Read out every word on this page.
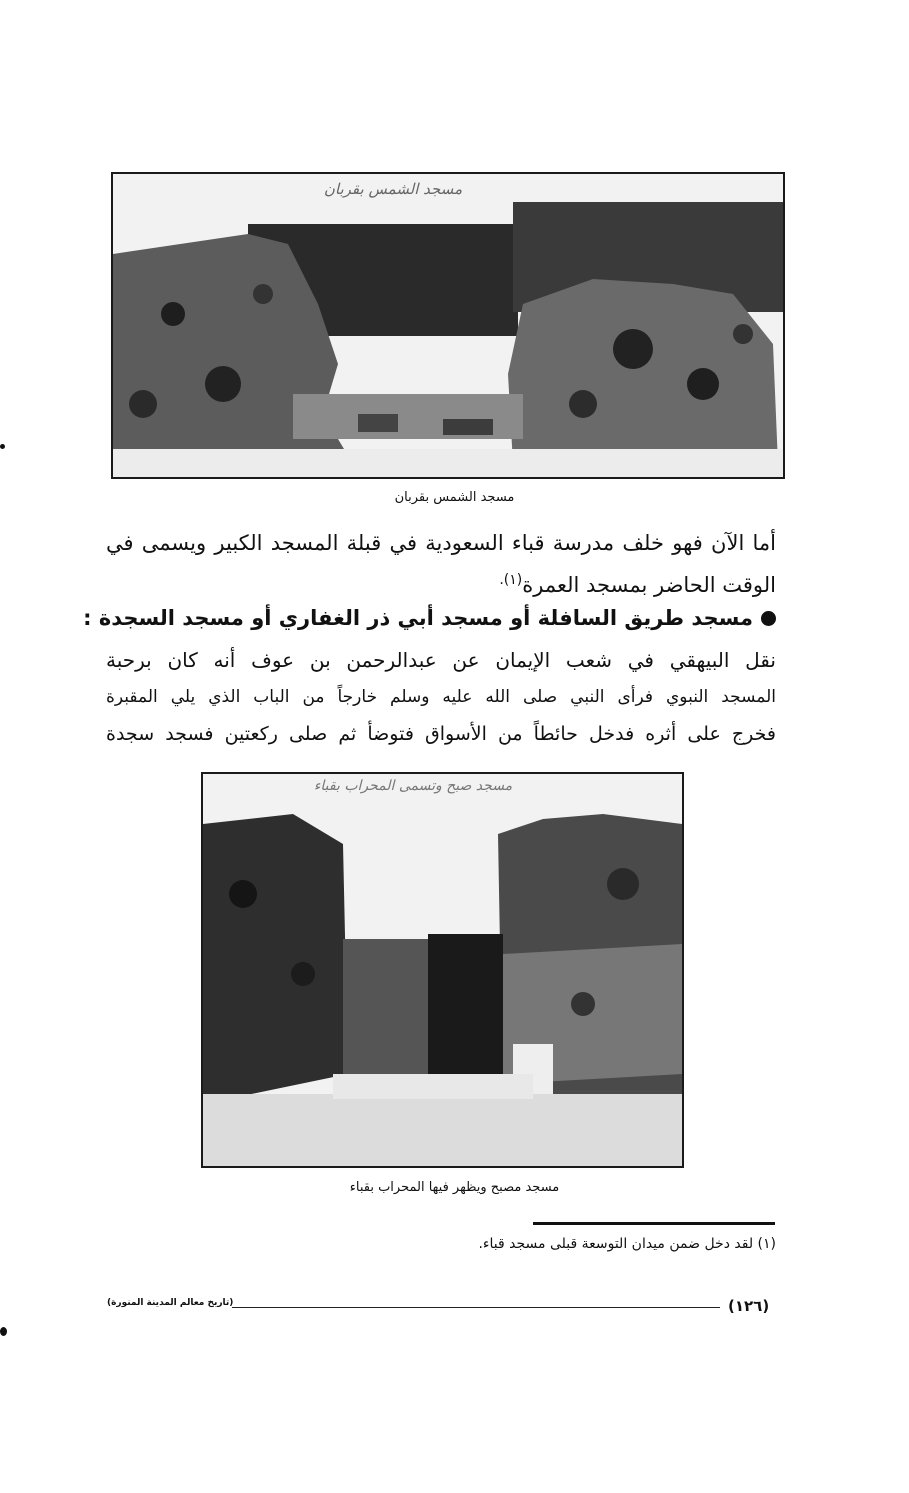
مسجد الشمس بقربان
مسجد الشمس بقربان
أما الآن فهو خلف مدرسة قباء السعودية في قبلة المسجد الكبير ويسمى في
الوقت الحاضر بمسجد العمرة$^{(١).}$
مسجد طريق السافلة أو مسجد أبي ذر الغفاري أو مسجد السجدة :
نقل البيهقي في شعب الإيمان عن عبدالرحمن بن عوف أنه كان برحبة
المسجد النبوي فرأى النبي صلى الله عليه وسلم خارجاً من الباب الذي يلي المقبرة
فخرج على أثره فدخل حائطاً من الأسواق فتوضأ ثم صلى ركعتين فسجد سجدة
مسجد صبح وتسمى المحراب بقباء
مسجد مصبح ويظهر فيها المحراب بقباء
(١) لقد دخل ضمن ميدان التوسعة قبلى مسجد قباء.
(١٢٦)
(تاريخ معالم المدينة المنورة)
